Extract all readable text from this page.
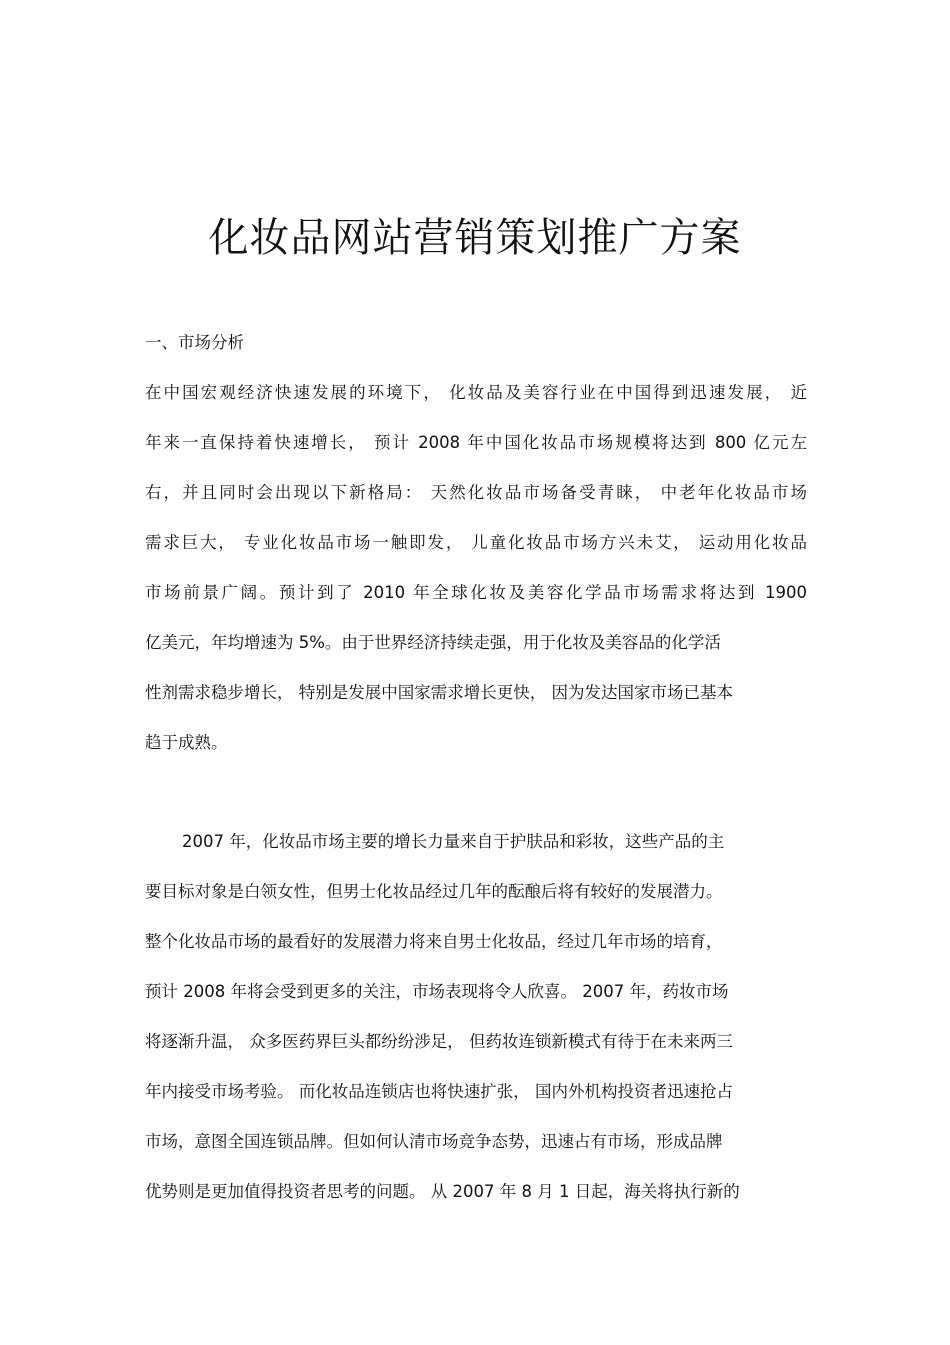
化妆品网站营销策划推广方案
一、市场分析
在中国宏观经济快速发展的环境下， 化妆品及美容行业在中国得到迅速发展， 近
年来一直保持着快速增长， 预计 2008 年中国化妆品市场规模将达到 800 亿元左
右，并且同时会出现以下新格局： 天然化妆品市场备受青睐， 中老年化妆品市场
需求巨大， 专业化妆品市场一触即发， 儿童化妆品市场方兴未艾， 运动用化妆品
市场前景广阔。预计到了 2010 年全球化妆及美容化学品市场需求将达到 1900
亿美元，年均增速为 5%。由于世界经济持续走强，用于化妆及美容品的化学活
性剂需求稳步增长， 特别是发展中国家需求增长更快， 因为发达国家市场已基本
趋于成熟。
2007 年，化妆品市场主要的增长力量来自于护肤品和彩妆，这些产品的主
要目标对象是白领女性，但男士化妆品经过几年的酝酿后将有较好的发展潜力。
整个化妆品市场的最看好的发展潜力将来自男士化妆品，经过几年市场的培育，
预计 2008 年将会受到更多的关注，市场表现将令人欣喜。 2007 年，药妆市场
将逐渐升温， 众多医药界巨头都纷纷涉足， 但药妆连锁新模式有待于在未来两三
年内接受市场考验。 而化妆品连锁店也将快速扩张， 国内外机构投资者迅速抢占
市场，意图全国连锁品牌。但如何认清市场竞争态势，迅速占有市场，形成品牌
优势则是更加值得投资者思考的问题。 从 2007 年 8 月 1 日起，海关将执行新的
